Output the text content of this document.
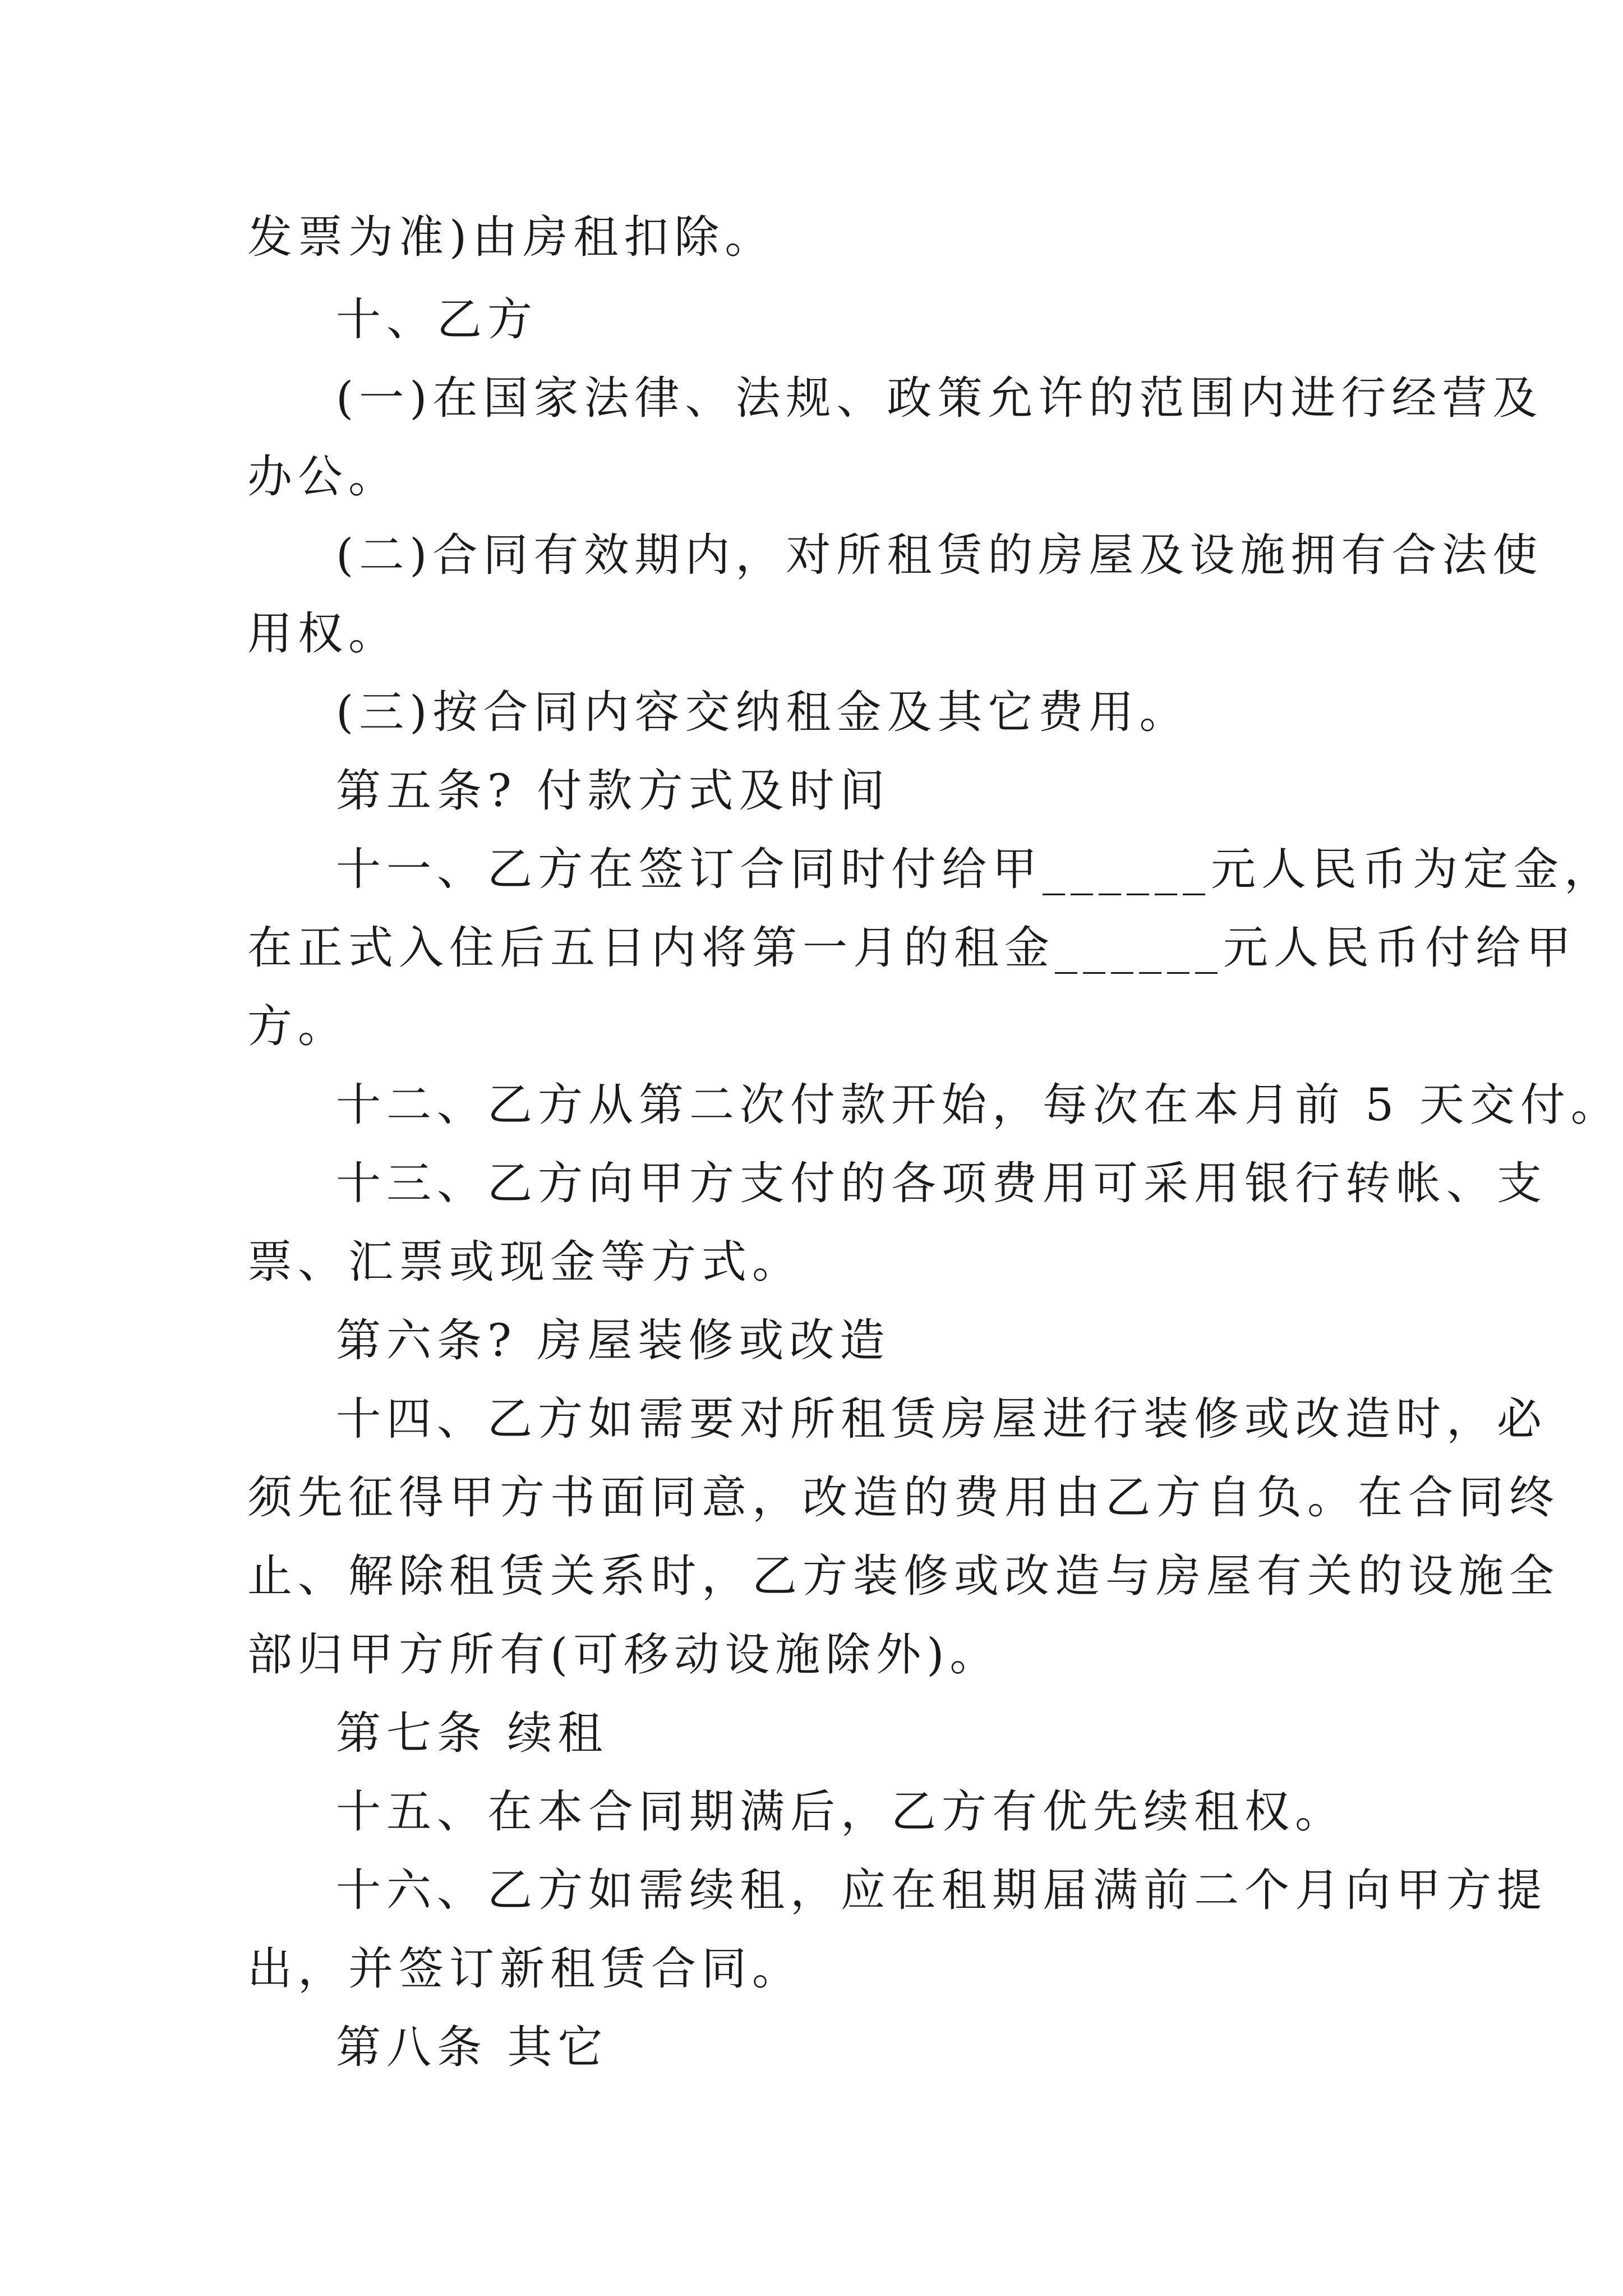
发票为准)由房租扣除。
十、乙方
(一)在国家法律、法规、政策允许的范围内进行经营及
办公。
(二)合同有效期内，对所租赁的房屋及设施拥有合法使
用权。
(三)按合同内容交纳租金及其它费用。
第五条? 付款方式及时间
十一、乙方在签订合同时付给甲______元人民币为定金，
在正式入住后五日内将第一月的租金______元人民币付给甲
方。
十二、乙方从第二次付款开始，每次在本月前 5 天交付。
十三、乙方向甲方支付的各项费用可采用银行转帐、支
票、汇票或现金等方式。
第六条? 房屋装修或改造
十四、乙方如需要对所租赁房屋进行装修或改造时，必
须先征得甲方书面同意，改造的费用由乙方自负。在合同终
止、解除租赁关系时，乙方装修或改造与房屋有关的设施全
部归甲方所有(可移动设施除外)。
第七条 续租
十五、在本合同期满后，乙方有优先续租权。
十六、乙方如需续租，应在租期届满前二个月向甲方提
出，并签订新租赁合同。
第八条 其它
